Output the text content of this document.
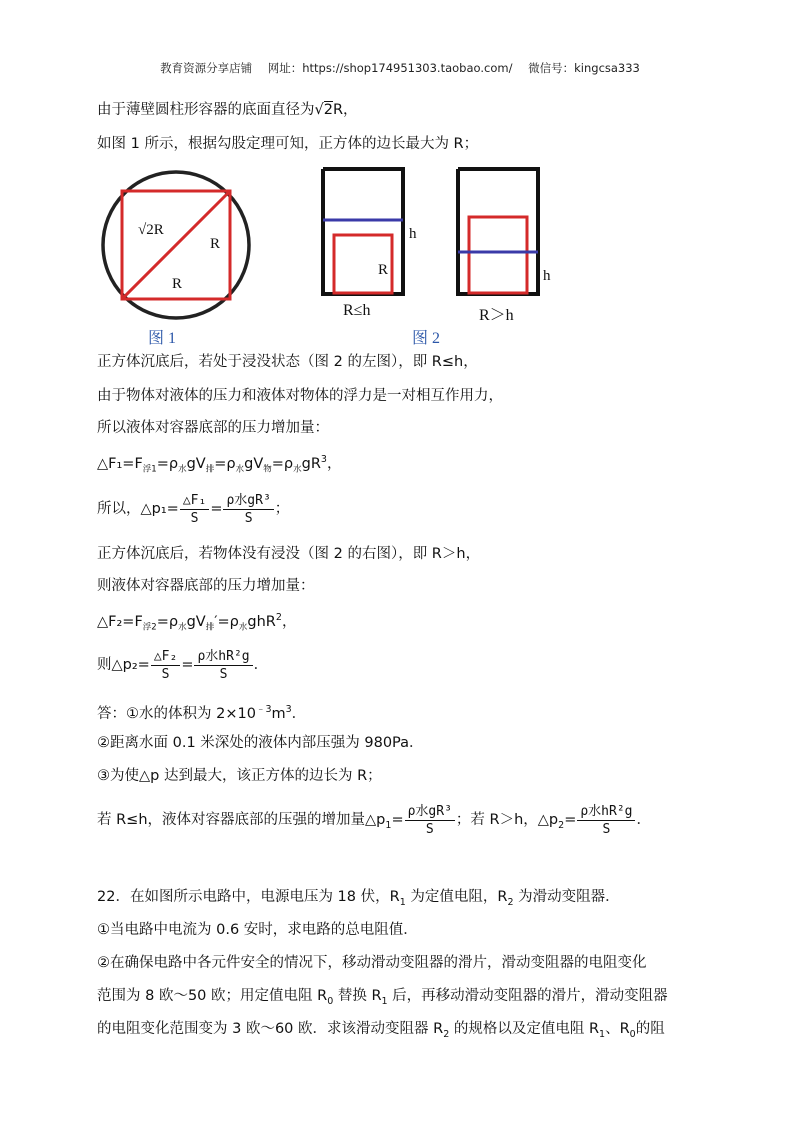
教育资源分享店铺 网址：https://shop174951303.taobao.com/ 微信号：kingcsa333
由于薄壁圆柱形容器的底面直径为√2R，
如图 1 所示，根据勾股定理可知，正方体的边长最大为 R；
√2R
R
R
图 1
h
R	h
R≤h	R＞h
图 2
正方体沉底后，若处于浸没状态（图 2 的左图），即 R≤h，
由于物体对液体的压力和液体对物体的浮力是一对相互作用力，
所以液体对容器底部的压力增加量：
$\triangle F_1=F_{浮1}=\rho_水gV_排=\rho_水gV_物=\rho_水gR^3$，
所以，△p₁= $\frac{\text{△F₁}}{S} = \frac{\text{ρ水gR³}}{S}$ ；
正方体沉底后，若物体没有浸没（图 2 的右图），即 R＞h，
则液体对容器底部的压力增加量：
$\triangle F_2=F_{浮2}=\rho_水gV_排'=\rho_水ghR^2$，
则△p₂= $\frac{\text{△F₂}}{S} = \frac{\text{ρ水hR²g}}{S}$ ．
答：①水的体积为 $2\times 10^{﹣3}m^3$．
②距离水面 0.1 米深处的液体内部压强为 980Pa．
③为使△p 达到最大，该正方体的边长为 R；
若 R≤h，液体对容器底部的压强的增加量$\triangle p_1= \frac{\text{ρ水gR³}}{S}$ ；若 R＞h，$\triangle p_2= \frac{\text{ρ水hR²g}}{S}$ ．
22．在如图所示电路中，电源电压为 18 伏，$R_1$ 为定值电阻，$R_2$ 为滑动变阻器．
①当电路中电流为 0.6 安时，求电路的总电阻值．
②在确保电路中各元件安全的情况下，移动滑动变阻器的滑片，滑动变阻器的电阻变化
范围为 8 欧～50 欧；用定值电阻 $R_0$ 替换 $R_1$ 后，再移动滑动变阻器的滑片，滑动变阻器
的电阻变化范围变为 3 欧～60 欧．求该滑动变阻器 $R_2$ 的规格以及定值电阻 $R_1$、$R_0$的阻
